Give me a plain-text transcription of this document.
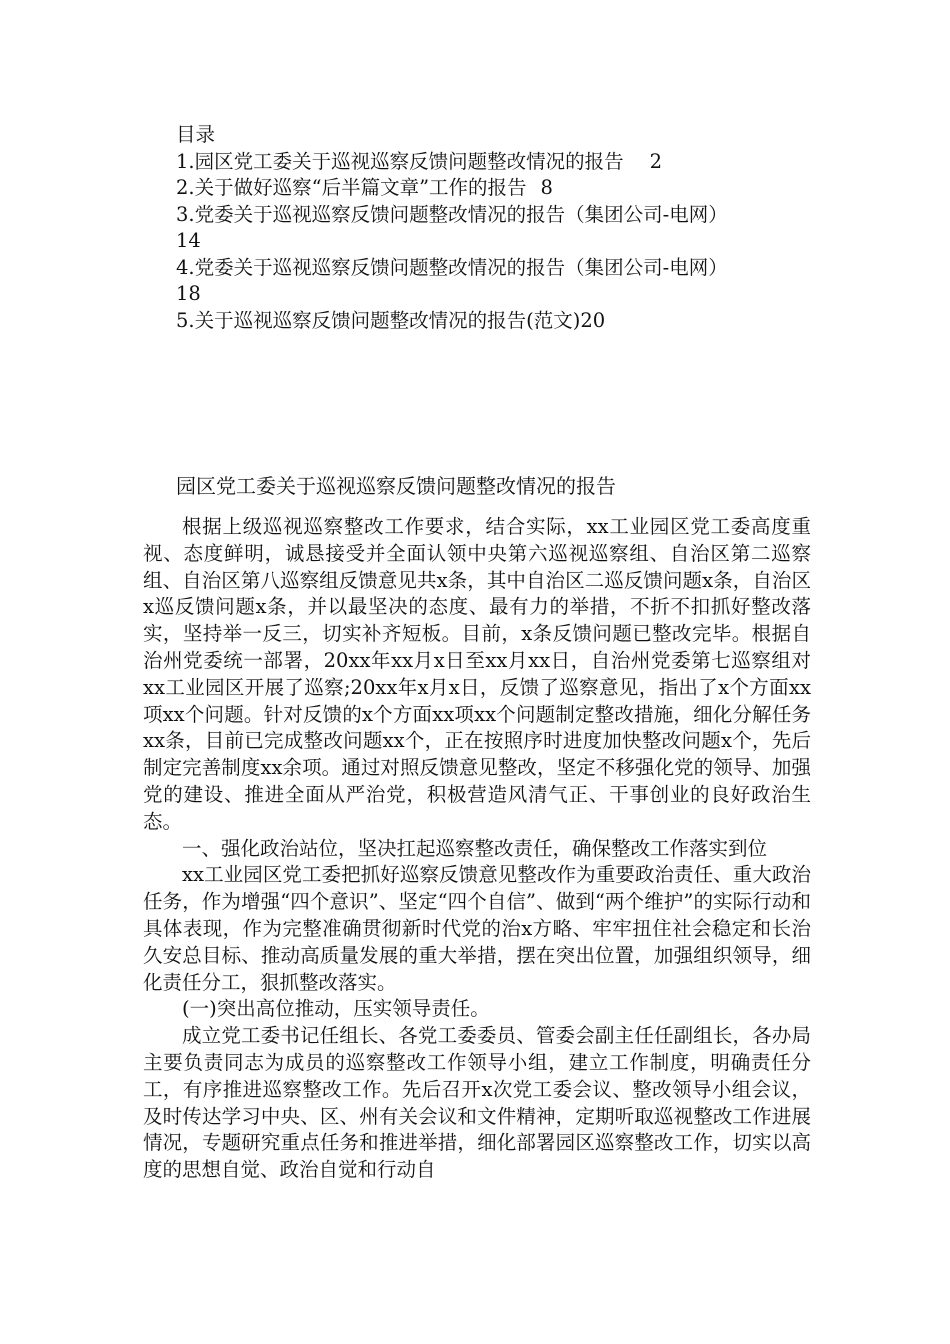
目录
1.园区党工委关于巡视巡察反馈问题整改情况的报告 2
2.关于做好巡察“后半篇文章”工作的报告 8
3.党委关于巡视巡察反馈问题整改情况的报告（集团公司-电网）
14
4.党委关于巡视巡察反馈问题整改情况的报告（集团公司-电网）
18
5.关于巡视巡察反馈问题整改情况的报告(范文)20
园区党工委关于巡视巡察反馈问题整改情况的报告

根据上级巡视巡察整改工作要求，结合实际，xx工业园区党工委高度重视、态度鲜明，诚恳接受并全面认领中央第六巡视巡察组、自治区第二巡察组、自治区第八巡察组反馈意见共x条，其中自治区二巡反馈问题x条，自治区x巡反馈问题x条，并以最坚决的态度、最有力的举措，不折不扣抓好整改落实，坚持举一反三，切实补齐短板。目前，x条反馈问题已整改完毕。根据自治州党委统一部署，20xx年xx月x日至xx月xx日，自治州党委第七巡察组对xx工业园区开展了巡察;20xx年x月x日，反馈了巡察意见，指出了x个方面xx项xx个问题。针对反馈的x个方面xx项xx个问题制定整改措施，细化分解任务xx条，目前已完成整改问题xx个，正在按照序时进度加快整改问题x个，先后制定完善制度xx余项。通过对照反馈意见整改，坚定不移强化党的领导、加强党的建设、推进全面从严治党，积极营造风清气正、干事创业的良好政治生态。

一、强化政治站位，坚决扛起巡察整改责任，确保整改工作落实到位

xx工业园区党工委把抓好巡察反馈意见整改作为重要政治责任、重大政治任务，作为增强“四个意识”、坚定“四个自信”、做到“两个维护”的实际行动和具体表现，作为完整准确贯彻新时代党的治x方略、牢牢扭住社会稳定和长治久安总目标、推动高质量发展的重大举措，摆在突出位置，加强组织领导，细化责任分工，狠抓整改落实。

(一)突出高位推动，压实领导责任。

成立党工委书记任组长、各党工委委员、管委会副主任任副组长，各办局主要负责同志为成员的巡察整改工作领导小组，建立工作制度，明确责任分工，有序推进巡察整改工作。先后召开x次党工委会议、整改领导小组会议，及时传达学习中央、区、州有关会议和文件精神，定期听取巡视整改工作进展情况，专题研究重点任务和推进举措，细化部署园区巡察整改工作，切实以高度的思想自觉、政治自觉和行动自
